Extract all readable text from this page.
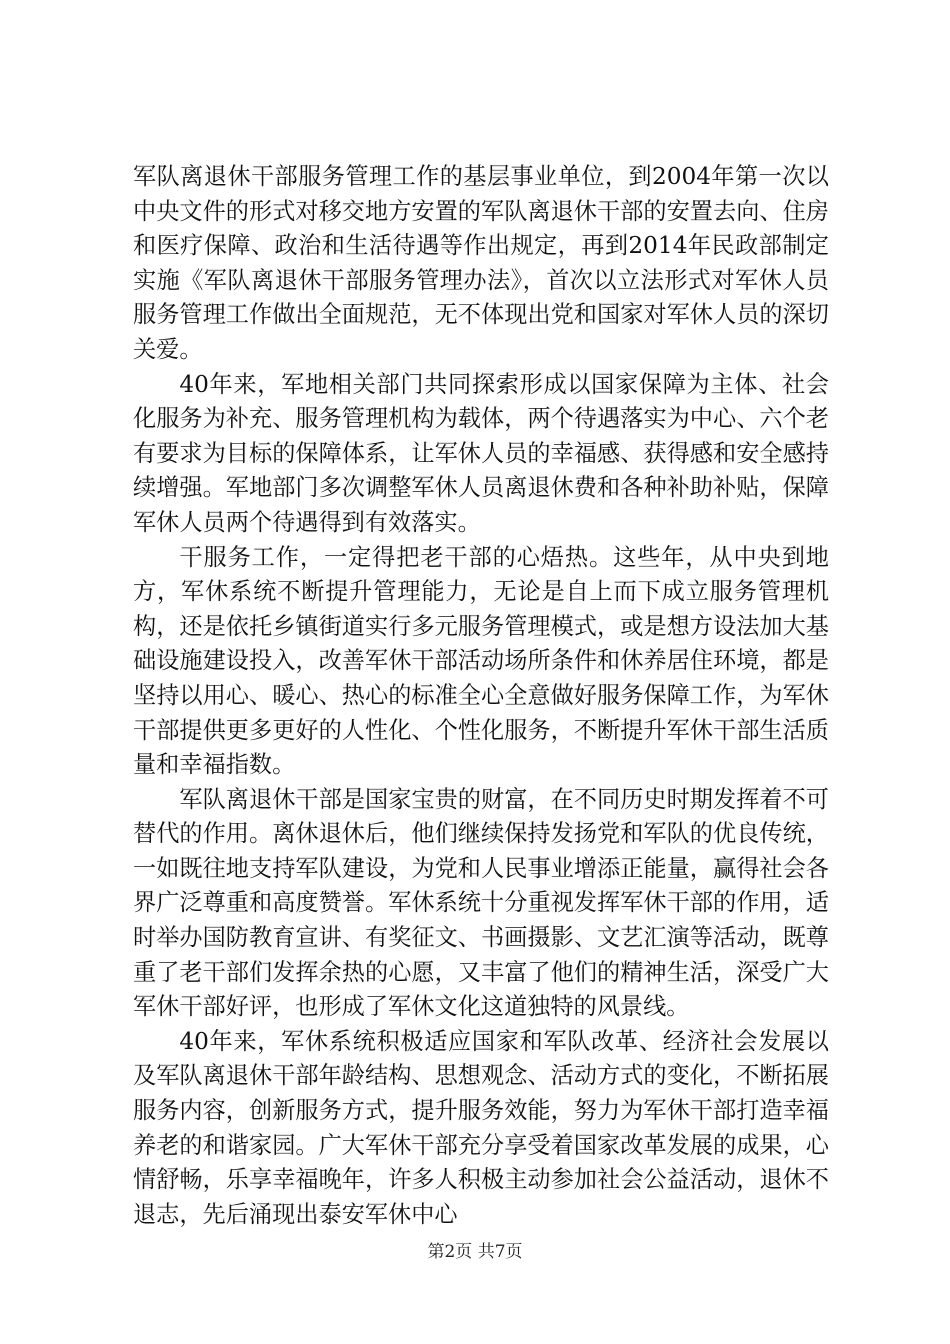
军队离退休干部服务管理工作的基层事业单位，到2004年第一次以中央文件的形式对移交地方安置的军队离退休干部的安置去向、住房和医疗保障、政治和生活待遇等作出规定，再到2014年民政部制定实施《军队离退休干部服务管理办法》，首次以立法形式对军休人员服务管理工作做出全面规范，无不体现出党和国家对军休人员的深切关爱。

40年来，军地相关部门共同探索形成以国家保障为主体、社会化服务为补充、服务管理机构为载体，两个待遇落实为中心、六个老有要求为目标的保障体系，让军休人员的幸福感、获得感和安全感持续增强。军地部门多次调整军休人员离退休费和各种补助补贴，保障军休人员两个待遇得到有效落实。

干服务工作，一定得把老干部的心焐热。这些年，从中央到地方，军休系统不断提升管理能力，无论是自上而下成立服务管理机构，还是依托乡镇街道实行多元服务管理模式，或是想方设法加大基础设施建设投入，改善军休干部活动场所条件和休养居住环境，都是坚持以用心、暖心、热心的标准全心全意做好服务保障工作，为军休干部提供更多更好的人性化、个性化服务，不断提升军休干部生活质量和幸福指数。

军队离退休干部是国家宝贵的财富，在不同历史时期发挥着不可替代的作用。离休退休后，他们继续保持发扬党和军队的优良传统，一如既往地支持军队建设，为党和人民事业增添正能量，赢得社会各界广泛尊重和高度赞誉。军休系统十分重视发挥军休干部的作用，适时举办国防教育宣讲、有奖征文、书画摄影、文艺汇演等活动，既尊重了老干部们发挥余热的心愿，又丰富了他们的精神生活，深受广大军休干部好评，也形成了军休文化这道独特的风景线。

40年来，军休系统积极适应国家和军队改革、经济社会发展以及军队离退休干部年龄结构、思想观念、活动方式的变化，不断拓展服务内容，创新服务方式，提升服务效能，努力为军休干部打造幸福养老的和谐家园。广大军休干部充分享受着国家改革发展的成果，心情舒畅，乐享幸福晚年，许多人积极主动参加社会公益活动，退休不退志，先后涌现出泰安军休中心

第2页 共7页
